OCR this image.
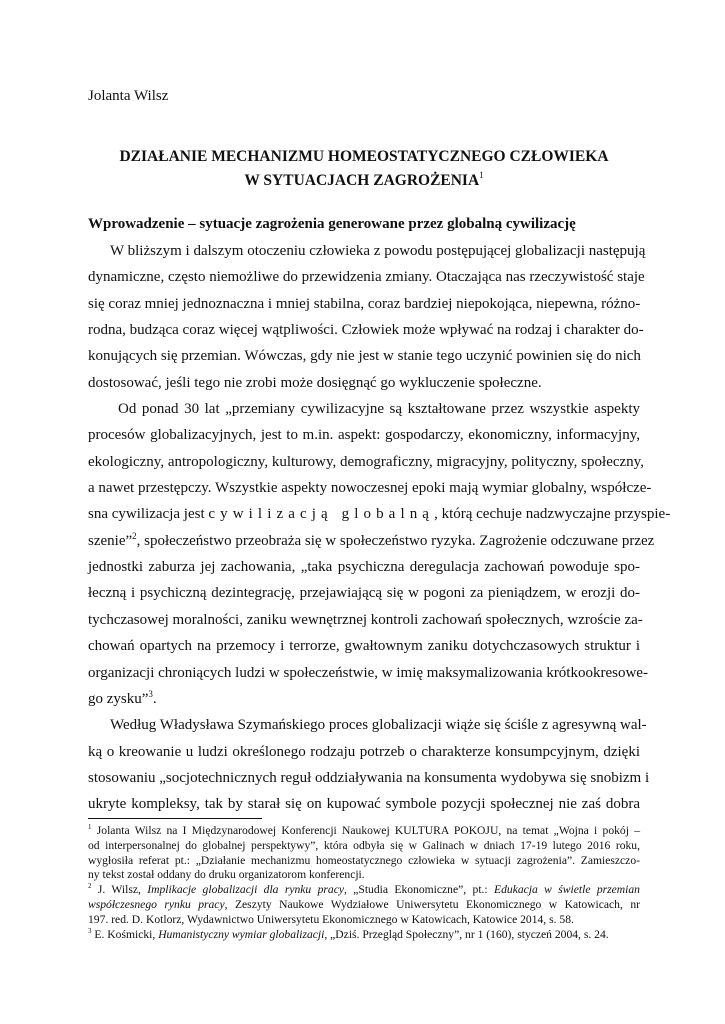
Jolanta Wilsz
DZIAŁANIE MECHANIZMU HOMEOSTATYCZNEGO CZŁOWIEKA
W SYTUACJACH ZAGROŻENIA$^1$
Wprowadzenie – sytuacje zagrożenia generowane przez globalną cywilizację
W bliższym i dalszym otoczeniu człowieka z powodu postępującej globalizacji następują
dynamiczne, często niemożliwe do przewidzenia zmiany. Otaczająca nas rzeczywistość staje
się coraz mniej jednoznaczna i mniej stabilna, coraz bardziej niepokojąca, niepewna, różno-
rodna, budząca coraz więcej wątpliwości. Człowiek może wpływać na rodzaj i charakter do-
konujących się przemian. Wówczas, gdy nie jest w stanie tego uczynić powinien się do nich
dostosować, jeśli tego nie zrobi może dosięgnąć go wykluczenie społeczne.
Od ponad 30 lat „przemiany cywilizacyjne są kształtowane przez wszystkie aspekty
procesów globalizacyjnych, jest to m.in. aspekt: gospodarczy, ekonomiczny, informacyjny,
ekologiczny, antropologiczny, kulturowy, demograficzny, migracyjny, polityczny, społeczny,
a nawet przestępczy. Wszystkie aspekty nowoczesnej epoki mają wymiar globalny, współcze-
sna cywilizacja jest cywilizacją globalną, którą cechuje nadzwyczajne przyspie-
szenie”$^2$, społeczeństwo przeobraża się w społeczeństwo ryzyka. Zagrożenie odczuwane przez
jednostki zaburza jej zachowania, „taka psychiczna deregulacja zachowań powoduje spo-
łeczną i psychiczną dezintegrację, przejawiającą się w pogoni za pieniądzem, w erozji do-
tychczasowej moralności, zaniku wewnętrznej kontroli zachowań społecznych, wzroście za-
chowań opartych na przemocy i terrorze, gwałtownym zaniku dotychczasowych struktur i
organizacji chroniących ludzi w społeczeństwie, w imię maksymalizowania krótkookresowe-
go zysku”$^3$.
Według Władysława Szymańskiego proces globalizacji wiąże się ściśle z agresywną wal-
ką o kreowanie u ludzi określonego rodzaju potrzeb o charakterze konsumpcyjnym, dzięki
stosowaniu „socjotechnicznych reguł oddziaływania na konsumenta wydobywa się snobizm i
ukryte kompleksy, tak by starał się on kupować symbole pozycji społecznej nie zaś dobra
$^1$ Jolanta Wilsz na I Międzynarodowej Konferencji Naukowej KULTURA POKOJU, na temat „Wojna i pokój –
od interpersonalnej do globalnej perspektywy”, która odbyła się w Galinach w dniach 17-19 lutego 2016 roku,
wygłosiła referat pt.: „Działanie mechanizmu homeostatycznego człowieka w sytuacji zagrożenia”. Zamieszczo-
ny tekst został oddany do druku organizatorom konferencji.
$^2$ J. Wilsz, Implikacje globalizacji dla rynku pracy, „Studia Ekonomiczne”, pt.: Edukacja w świetle przemian
współczesnego rynku pracy, Zeszyty Naukowe Wydziałowe Uniwersytetu Ekonomicznego w Katowicach, nr
197. red. D. Kotlorz, Wydawnictwo Uniwersytetu Ekonomicznego w Katowicach, Katowice 2014, s. 58.
$^3$ E. Kośmicki, Humanistyczny wymiar globalizacji, „Dziś. Przegląd Społeczny”, nr 1 (160), styczeń 2004, s. 24.
